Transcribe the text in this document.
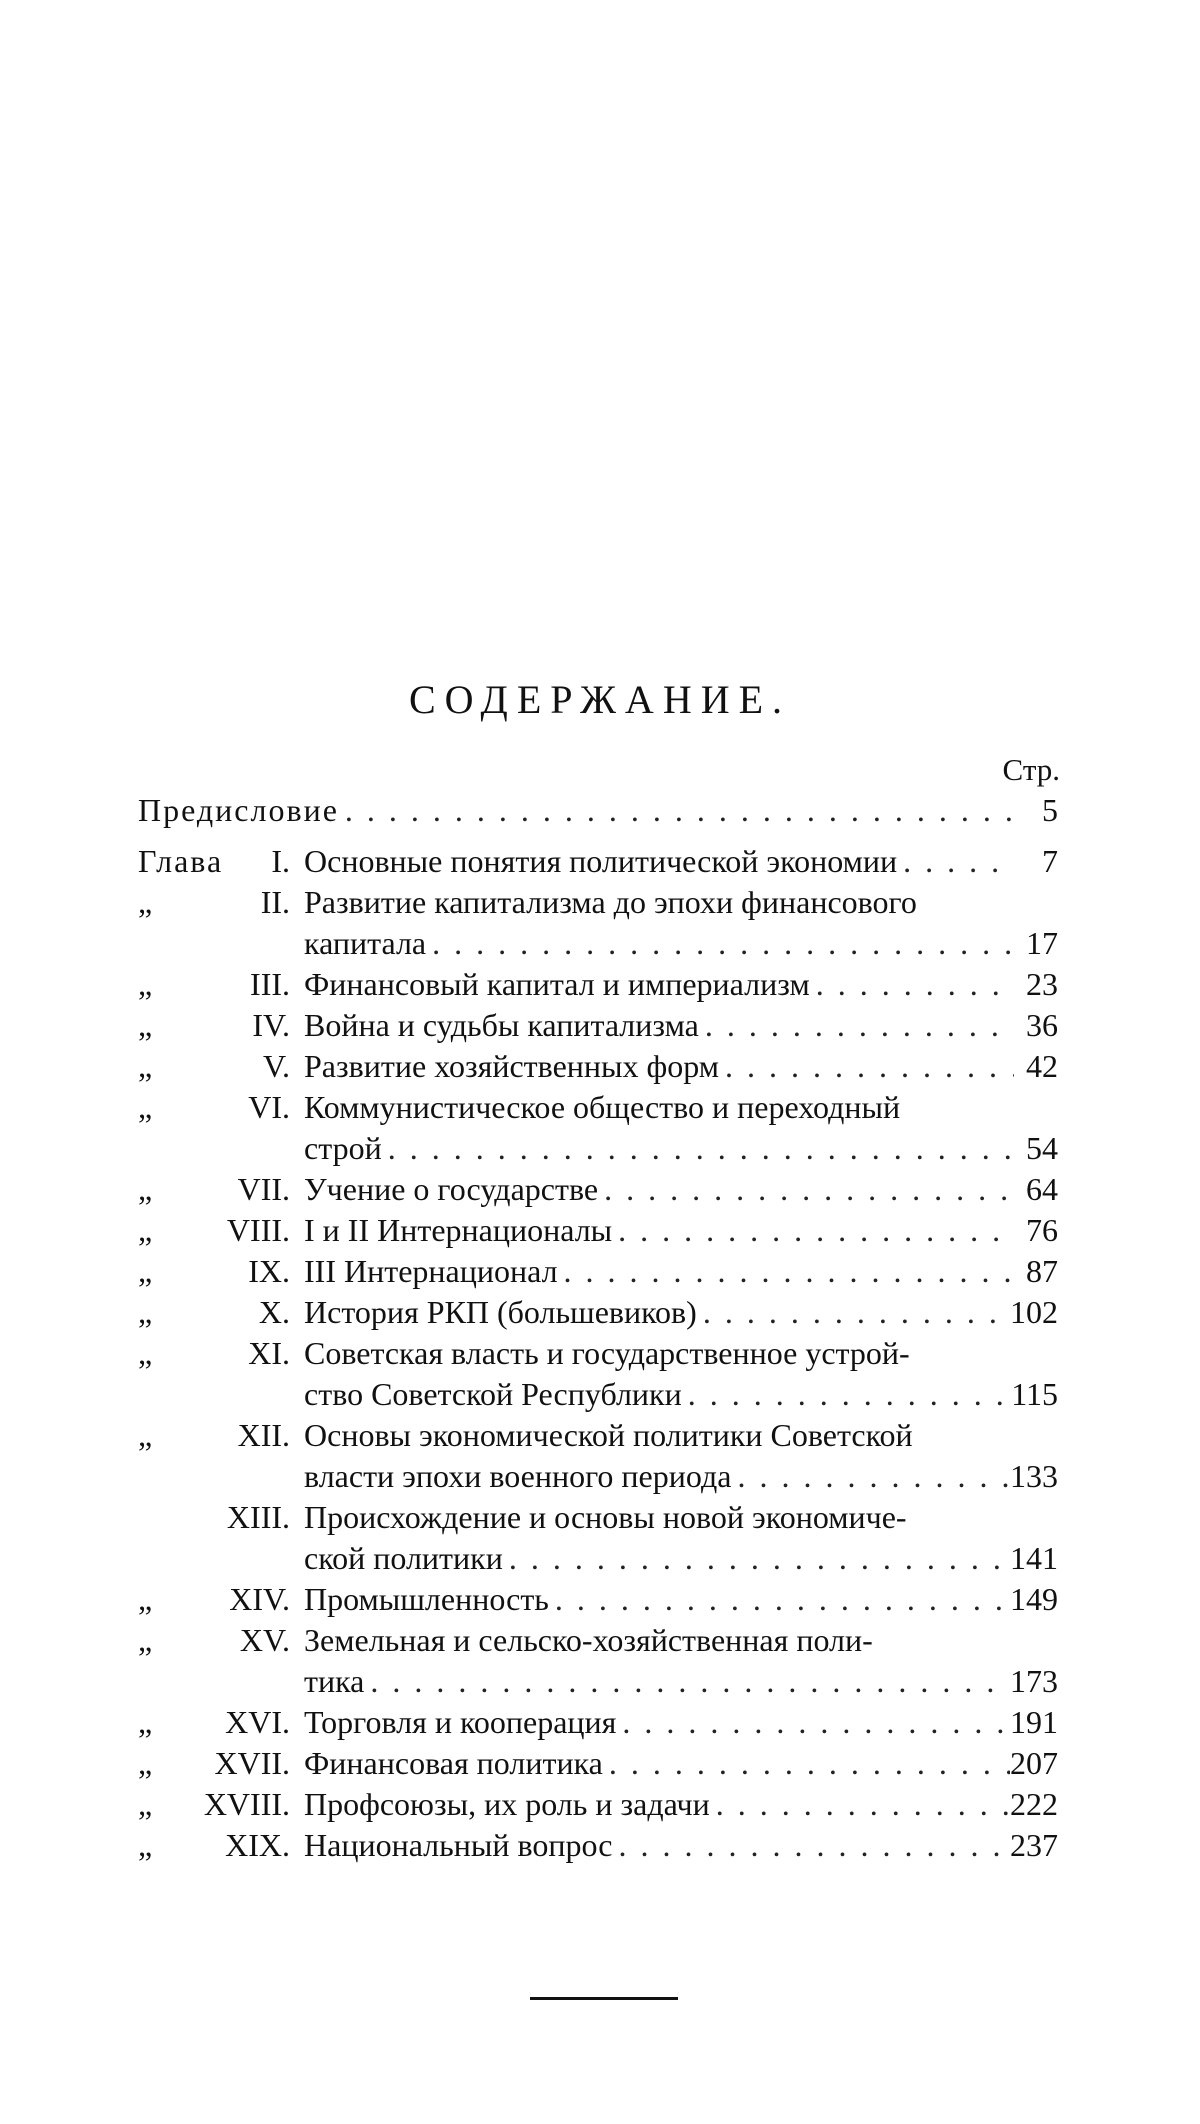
СОДЕРЖАНИЕ.
Стр.
Предисловие . . .	5
Глава	I. Основные понятия политической экономии . . .	7
„	II. Развитие капитализма до эпохи финансового
капитала . . .	17
„	III. Финансовый капитал и империализм . . .	23
„	IV. Война и судьбы капитализма . . .	36
„	V. Развитие хозяйственных форм . . .	42
„	VI. Коммунистическое общество и переходный
строй . . .	54
„	VII. Учение о государстве . . .	64
„	VIII. I и II Интернационалы . . .	76
„	IX. III Интернационал . . .	87
„	X. История РКП (большевиков) . . .	102
„	XI. Советская власть и государственное устрой-
ство Советской Республики . . .	115
„	XII. Основы экономической политики Советской
власти эпохи военного периода . . .	133
XIII. Происхождение и основы новой экономиче-
ской политики . . .	141
„	XIV. Промышленность . . .	149
„	XV. Земельная и сельско-хозяйственная поли-
тика . . .	173
„	XVI. Торговля и кооперация . . .	191
„	XVII. Финансовая политика . . .	207
„	XVIII. Профсоюзы, их роль и задачи . . .	222
„	XIX. Национальный вопрос . . .	237
